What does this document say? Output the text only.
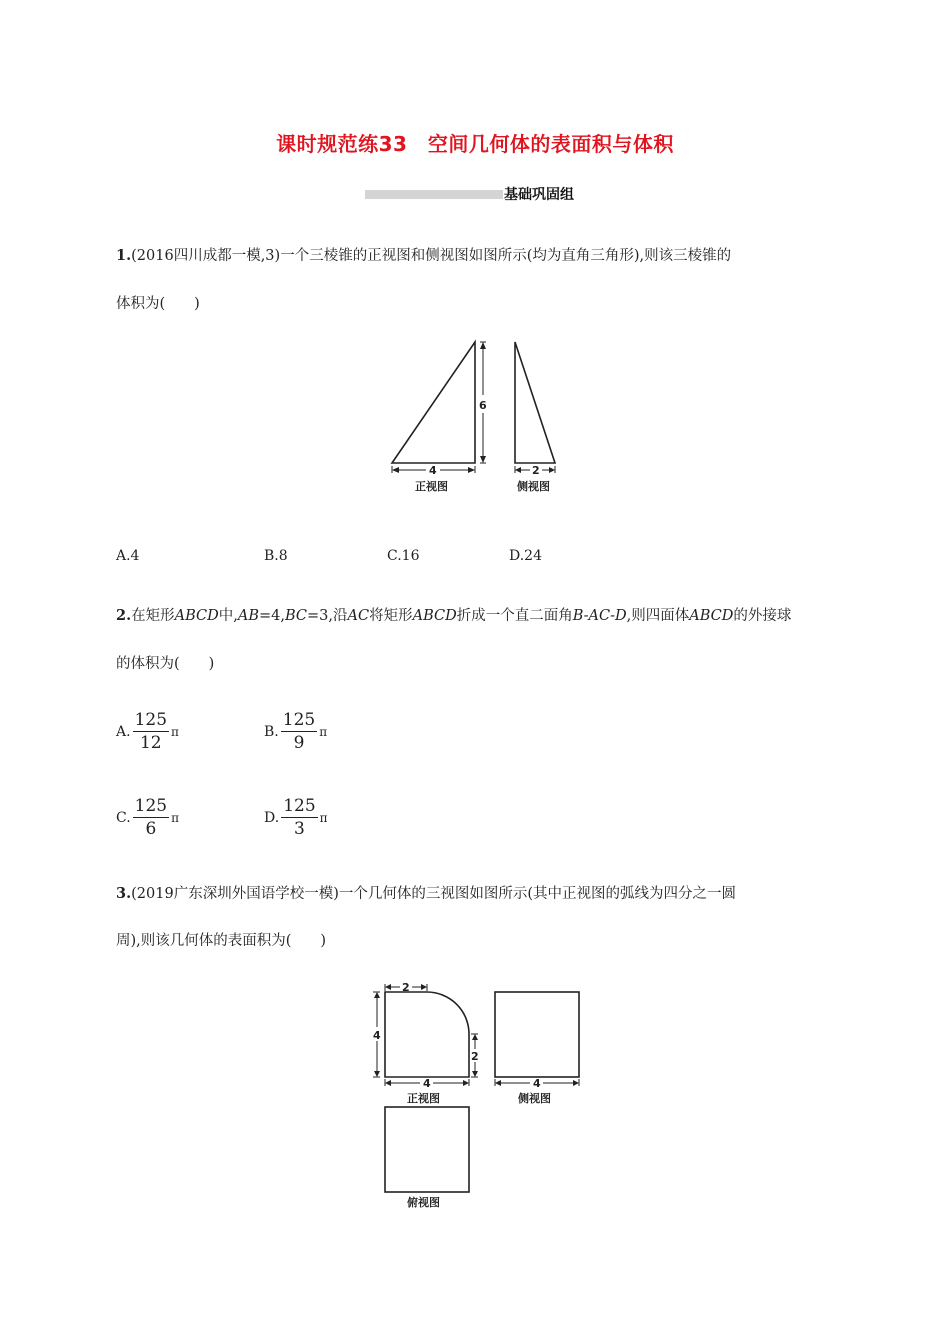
课时规范练33　空间几何体的表面积与体积
基础巩固组
1.(2016四川成都一模,3)一个三棱锥的正视图和侧视图如图所示(均为直角三角形),则该三棱锥的
体积为(　　)
6
4
正视图
2
侧视图
A.4	B.8	C.16	D.24
2.在矩形ABCD中,AB=4,BC=3,沿AC将矩形ABCD折成一个直二面角B-AC-D,则四面体ABCD的外接球
的体积为(　　)
A. $\frac{125}{12}$ π	B. $\frac{125}{9}$ π
C. $\frac{125}{6}$ π	D. $\frac{125}{3}$ π
3.(2019广东深圳外国语学校一模)一个几何体的三视图如图所示(其中正视图的弧线为四分之一圆
周),则该几何体的表面积为(　　)
2
4
2
4
正视图
4
侧视图
俯视图
